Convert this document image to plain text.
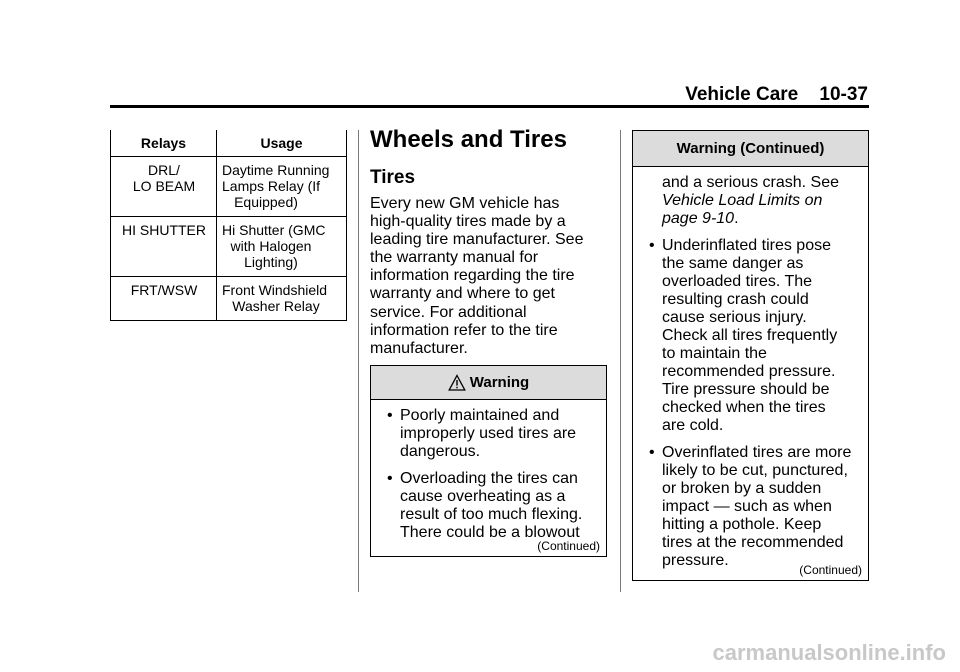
Vehicle Care 10-37
Relays	Usage
DRL/
LO BEAM	Daytime Running
Lamps Relay (If
Equipped)

HI SHUTTER	Hi Shutter (GMC
with Halogen
Lighting)

FRT/WSW	Front Windshield
Washer Relay
Wheels and Tires
Tires
Every new GM vehicle has
high-quality tires made by a
leading tire manufacturer. See
the warranty manual for
information regarding the tire
warranty and where to get
service. For additional
information refer to the tire
manufacturer.
Warning
• Poorly maintained and
improperly used tires are
dangerous.
• Overloading the tires can
cause overheating as a
result of too much flexing.
There could be a blowout
(Continued)
Warning (Continued)
and a serious crash. See
Vehicle Load Limits on
page 9-10.
• Underinflated tires pose
the same danger as
overloaded tires. The
resulting crash could
cause serious injury.
Check all tires frequently
to maintain the
recommended pressure.
Tire pressure should be
checked when the tires
are cold.
• Overinflated tires are more
likely to be cut, punctured,
or broken by a sudden
impact — such as when
hitting a pothole. Keep
tires at the recommended
pressure.
(Continued)
carmanualsonline.info
